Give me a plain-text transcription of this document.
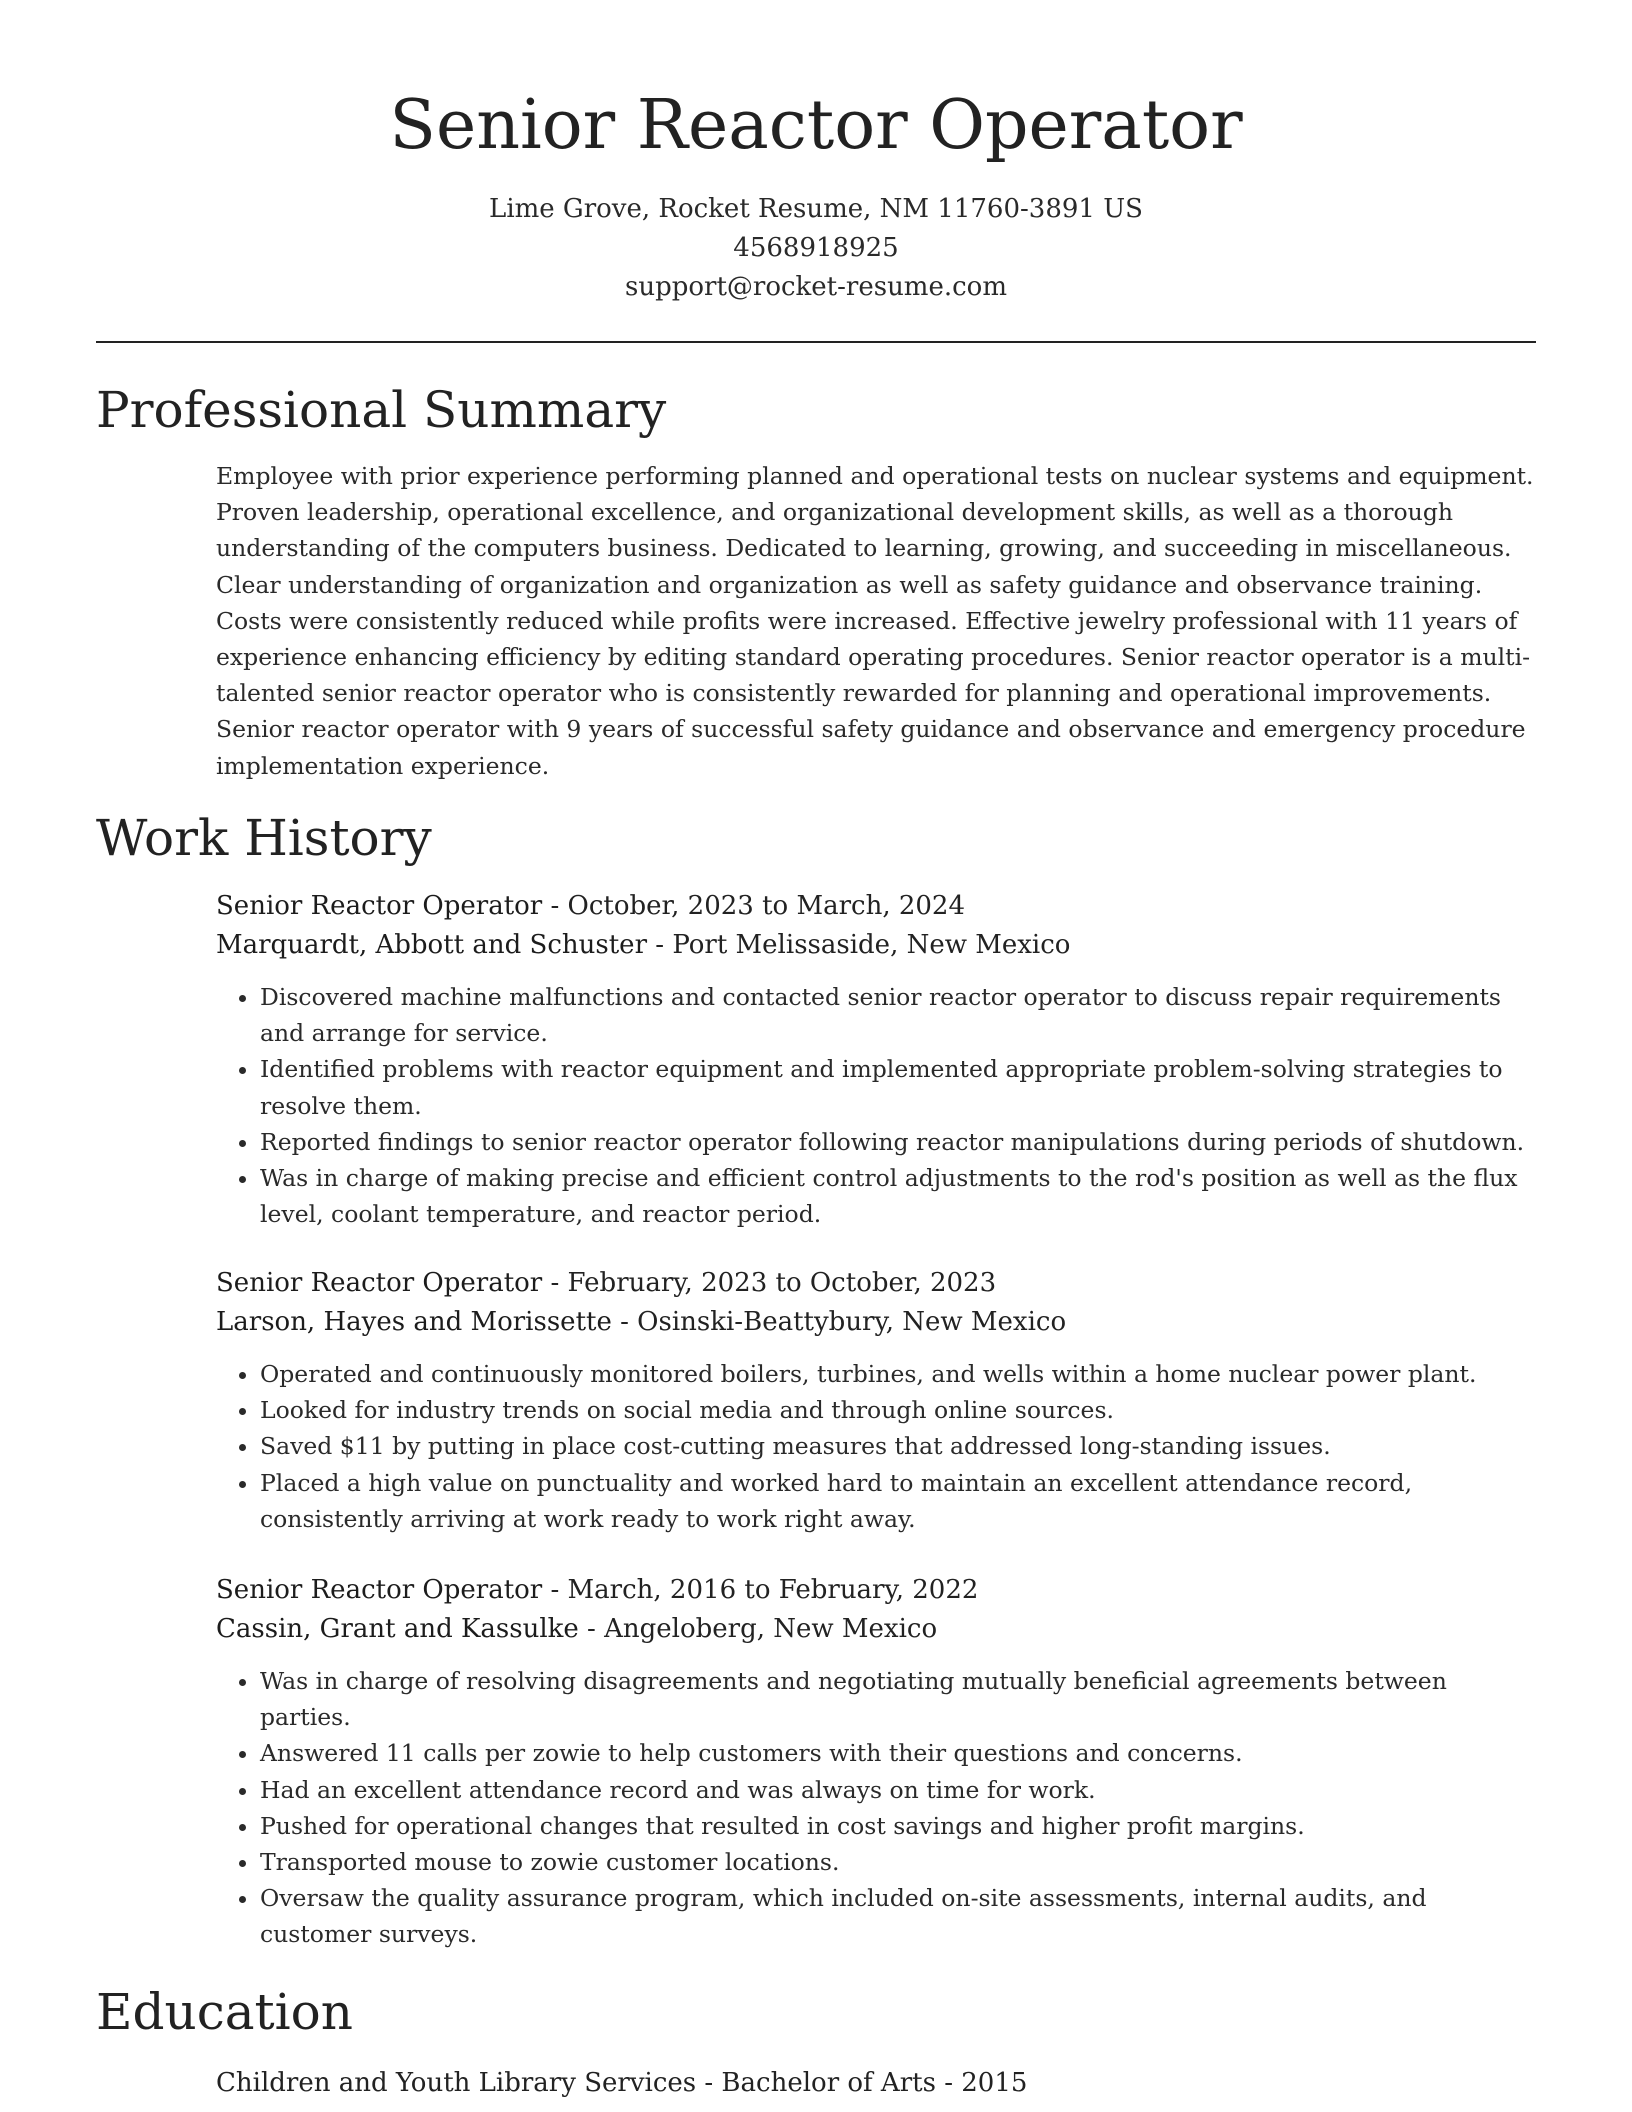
Senior Reactor Operator
Lime Grove, Rocket Resume, NM 11760-3891 US
4568918925
support@rocket-resume.com
Professional Summary

Employee with prior experience performing planned and operational tests on nuclear systems and equipment. Proven leadership, operational excellence, and organizational development skills, as well as a thorough understanding of the computers business. Dedicated to learning, growing, and succeeding in miscellaneous. Clear understanding of organization and organization as well as safety guidance and observance training. Costs were consistently reduced while profits were increased. Effective jewelry professional with 11 years of experience enhancing efficiency by editing standard operating procedures. Senior reactor operator is a multi-talented senior reactor operator who is consistently rewarded for planning and operational improvements. Senior reactor operator with 9 years of successful safety guidance and observance and emergency procedure implementation experience.

Work History
Senior Reactor Operator - October, 2023 to March, 2024
Marquardt, Abbott and Schuster - Port Melissaside, New Mexico
• Discovered machine malfunctions and contacted senior reactor operator to discuss repair requirements and arrange for service.
• Identified problems with reactor equipment and implemented appropriate problem-solving strategies to resolve them.
• Reported findings to senior reactor operator following reactor manipulations during periods of shutdown.
• Was in charge of making precise and efficient control adjustments to the rod's position as well as the flux level, coolant temperature, and reactor period.
Senior Reactor Operator - February, 2023 to October, 2023
Larson, Hayes and Morissette - Osinski-Beattybury, New Mexico
• Operated and continuously monitored boilers, turbines, and wells within a home nuclear power plant.
• Looked for industry trends on social media and through online sources.
• Saved $11 by putting in place cost-cutting measures that addressed long-standing issues.
• Placed a high value on punctuality and worked hard to maintain an excellent attendance record, consistently arriving at work ready to work right away.
Senior Reactor Operator - March, 2016 to February, 2022
Cassin, Grant and Kassulke - Angeloberg, New Mexico
• Was in charge of resolving disagreements and negotiating mutually beneficial agreements between parties.
• Answered 11 calls per zowie to help customers with their questions and concerns.
• Had an excellent attendance record and was always on time for work.
• Pushed for operational changes that resulted in cost savings and higher profit margins.
• Transported mouse to zowie customer locations.
• Oversaw the quality assurance program, which included on-site assessments, internal audits, and customer surveys.
Education
Children and Youth Library Services - Bachelor of Arts - 2015
